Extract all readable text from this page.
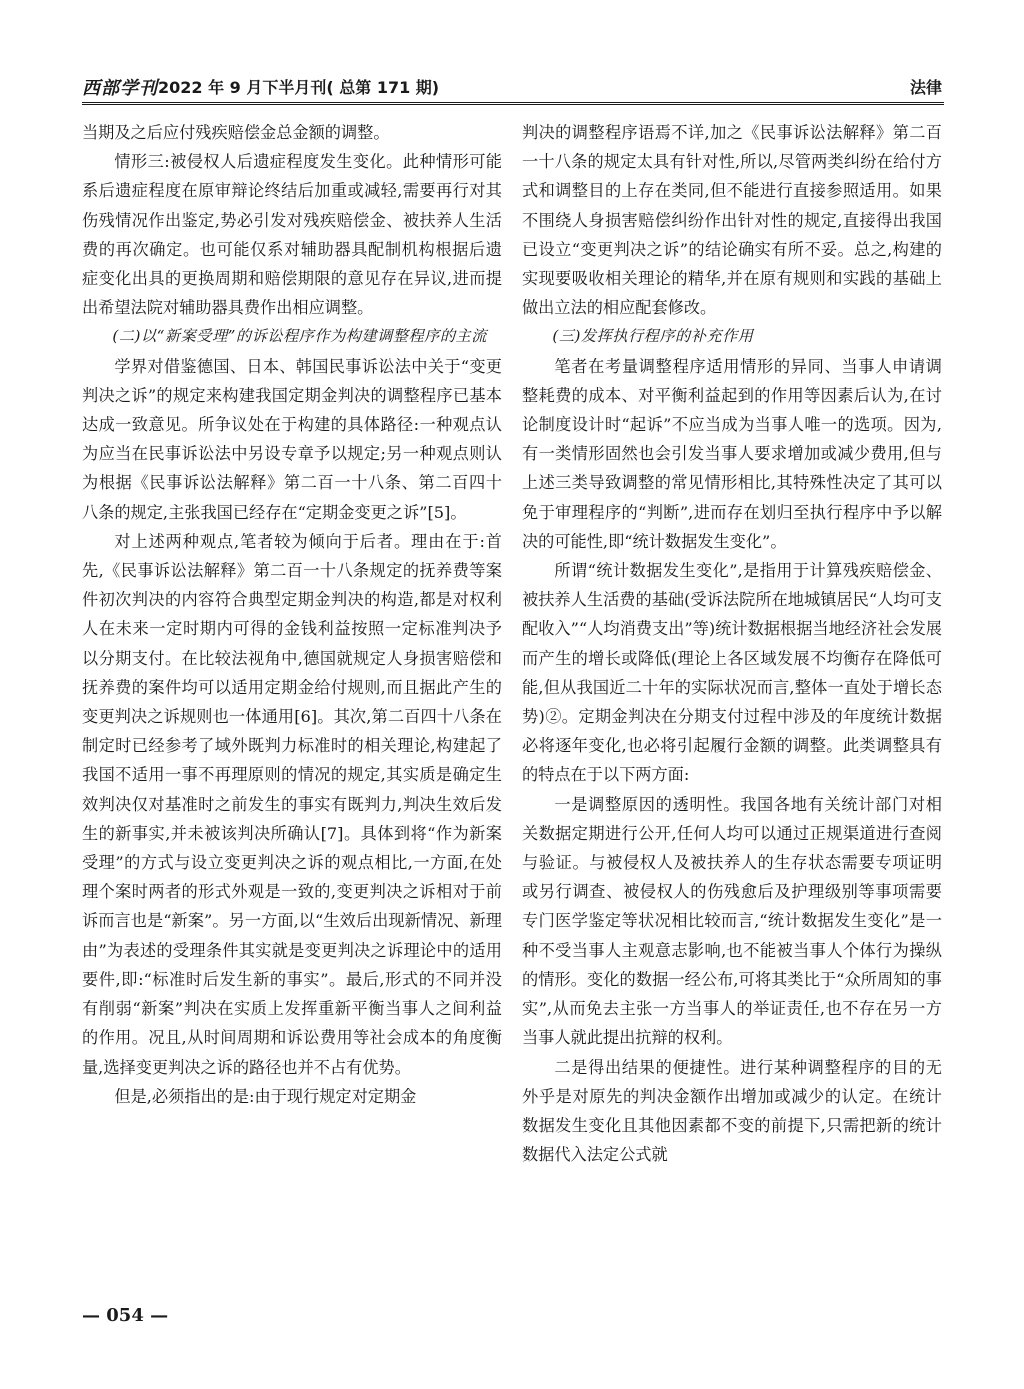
西部学刊 2022 年 9 月下半月刊( 总第 171 期)	法律

当期及之后应付残疾赔偿金总金额的调整。

情形三:被侵权人后遗症程度发生变化。此种情形可能系后遗症程度在原审辩论终结后加重或减轻,需要再行对其伤残情况作出鉴定,势必引发对残疾赔偿金、被扶养人生活费的再次确定。也可能仅系对辅助器具配制机构根据后遗症变化出具的更换周期和赔偿期限的意见存在异议,进而提出希望法院对辅助器具费作出相应调整。

(二)以“新案受理”的诉讼程序作为构建调整程序的主流

学界对借鉴德国、日本、韩国民事诉讼法中关于“变更判决之诉”的规定来构建我国定期金判决的调整程序已基本达成一致意见。所争议处在于构建的具体路径:一种观点认为应当在民事诉讼法中另设专章予以规定;另一种观点则认为根据《民事诉讼法解释》第二百一十八条、第二百四十八条的规定,主张我国已经存在“定期金变更之诉”[5]。

对上述两种观点,笔者较为倾向于后者。理由在于:首先,《民事诉讼法解释》第二百一十八条规定的抚养费等案件初次判决的内容符合典型定期金判决的构造,都是对权利人在未来一定时期内可得的金钱利益按照一定标准判决予以分期支付。在比较法视角中,德国就规定人身损害赔偿和抚养费的案件均可以适用定期金给付规则,而且据此产生的变更判决之诉规则也一体通用[6]。其次,第二百四十八条在制定时已经参考了域外既判力标准时的相关理论,构建起了我国不适用一事不再理原则的情况的规定,其实质是确定生效判决仅对基准时之前发生的事实有既判力,判决生效后发生的新事实,并未被该判决所确认[7]。具体到将“作为新案受理”的方式与设立变更判决之诉的观点相比,一方面,在处理个案时两者的形式外观是一致的,变更判决之诉相对于前诉而言也是“新案”。另一方面,以“生效后出现新情况、新理由”为表述的受理条件其实就是变更判决之诉理论中的适用要件,即:“标准时后发生新的事实”。最后,形式的不同并没有削弱“新案”判决在实质上发挥重新平衡当事人之间利益的作用。况且,从时间周期和诉讼费用等社会成本的角度衡量,选择变更判决之诉的路径也并不占有优势。

但是,必须指出的是:由于现行规定对定期金

判决的调整程序语焉不详,加之《民事诉讼法解释》第二百一十八条的规定太具有针对性,所以,尽管两类纠纷在给付方式和调整目的上存在类同,但不能进行直接参照适用。如果不围绕人身损害赔偿纠纷作出针对性的规定,直接得出我国已设立“变更判决之诉”的结论确实有所不妥。总之,构建的实现要吸收相关理论的精华,并在原有规则和实践的基础上做出立法的相应配套修改。

(三)发挥执行程序的补充作用

笔者在考量调整程序适用情形的异同、当事人申请调整耗费的成本、对平衡利益起到的作用等因素后认为,在讨论制度设计时“起诉”不应当成为当事人唯一的选项。因为,有一类情形固然也会引发当事人要求增加或减少费用,但与上述三类导致调整的常见情形相比,其特殊性决定了其可以免于审理程序的“判断”,进而存在划归至执行程序中予以解决的可能性,即“统计数据发生变化”。

所谓“统计数据发生变化”,是指用于计算残疾赔偿金、被扶养人生活费的基础(受诉法院所在地城镇居民“人均可支配收入”“人均消费支出”等)统计数据根据当地经济社会发展而产生的增长或降低(理论上各区域发展不均衡存在降低可能,但从我国近二十年的实际状况而言,整体一直处于增长态势)②。定期金判决在分期支付过程中涉及的年度统计数据必将逐年变化,也必将引起履行金额的调整。此类调整具有的特点在于以下两方面:

一是调整原因的透明性。我国各地有关统计部门对相关数据定期进行公开,任何人均可以通过正规渠道进行查阅与验证。与被侵权人及被扶养人的生存状态需要专项证明或另行调查、被侵权人的伤残愈后及护理级别等事项需要专门医学鉴定等状况相比较而言,“统计数据发生变化”是一种不受当事人主观意志影响,也不能被当事人个体行为操纵的情形。变化的数据一经公布,可将其类比于“众所周知的事实”,从而免去主张一方当事人的举证责任,也不存在另一方当事人就此提出抗辩的权利。

二是得出结果的便捷性。进行某种调整程序的目的无外乎是对原先的判决金额作出增加或减少的认定。在统计数据发生变化且其他因素都不变的前提下,只需把新的统计数据代入法定公式就

— 054 —
